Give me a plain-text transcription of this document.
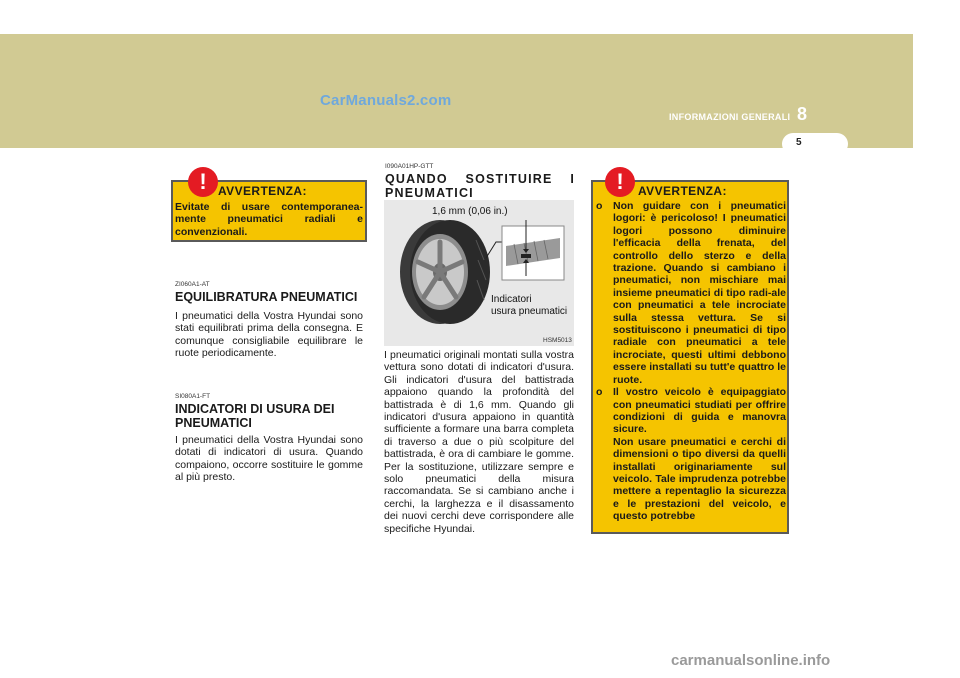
CarManuals2.com
INFORMAZIONI GENERALI 8
5
! AVVERTENZA:
Evitate di usare contemporanea-mente pneumatici radiali e convenzionali.
ZI060A1-AT
EQUILIBRATURA PNEUMATICI
I pneumatici della Vostra Hyundai sono stati equilibrati prima della consegna. E comunque consigliabile equilibrare le ruote periodicamente.
SI080A1-FT
INDICATORI DI USURA DEI PNEUMATICI
I pneumatici della Vostra Hyundai sono dotati di indicatori di usura. Quando compaiono, occorre sostituire le gomme al più presto.
I090A01HP-GTT
QUANDO SOSTITUIRE I PNEUMATICI
1,6 mm (0,06 in.)
Indicatori
usura pneumatici
HSM5013
I pneumatici originali montati sulla vostra vettura sono dotati di indicatori d'usura. Gli indicatori d'usura del battistrada appaiono quando la profondità del battistrada è di 1,6 mm. Quando gli indicatori d'usura appaiono in quantità sufficiente a formare una barra completa di traverso a due o più scolpiture del battistrada, è ora di cambiare le gomme. Per la sostituzione, utilizzare sempre e solo pneumatici della misura raccomandata. Se si cambiano anche i cerchi, la larghezza e il disassamento dei nuovi cerchi deve corrispondere alle specifiche Hyundai.
!	AVVERTENZA:
o Non guidare con i pneumatici logori: è pericoloso! I pneumatici logori possono diminuire l'efficacia della frenata, del controllo dello sterzo e della trazione. Quando si cambiano i pneumatici, non mischiare mai insieme pneumatici di tipo radi-ale con pneumatici a tele incrociate sulla stessa vettura. Se si sostituiscono i pneumatici di tipo radiale con pneumatici a tele incrociate, questi ultimi debbono essere installati su tutt'e quattro le ruote.
o Il vostro veicolo è equipaggiato con pneumatici studiati per offrire condizioni di guida e manovra sicure.
Non usare pneumatici e cerchi di dimensioni o tipo diversi da quelli installati originariamente sul veicolo. Tale imprudenza potrebbe mettere a repentaglio la sicurezza e le prestazioni del veicolo, e questo potrebbe
carmanualsonline.info
